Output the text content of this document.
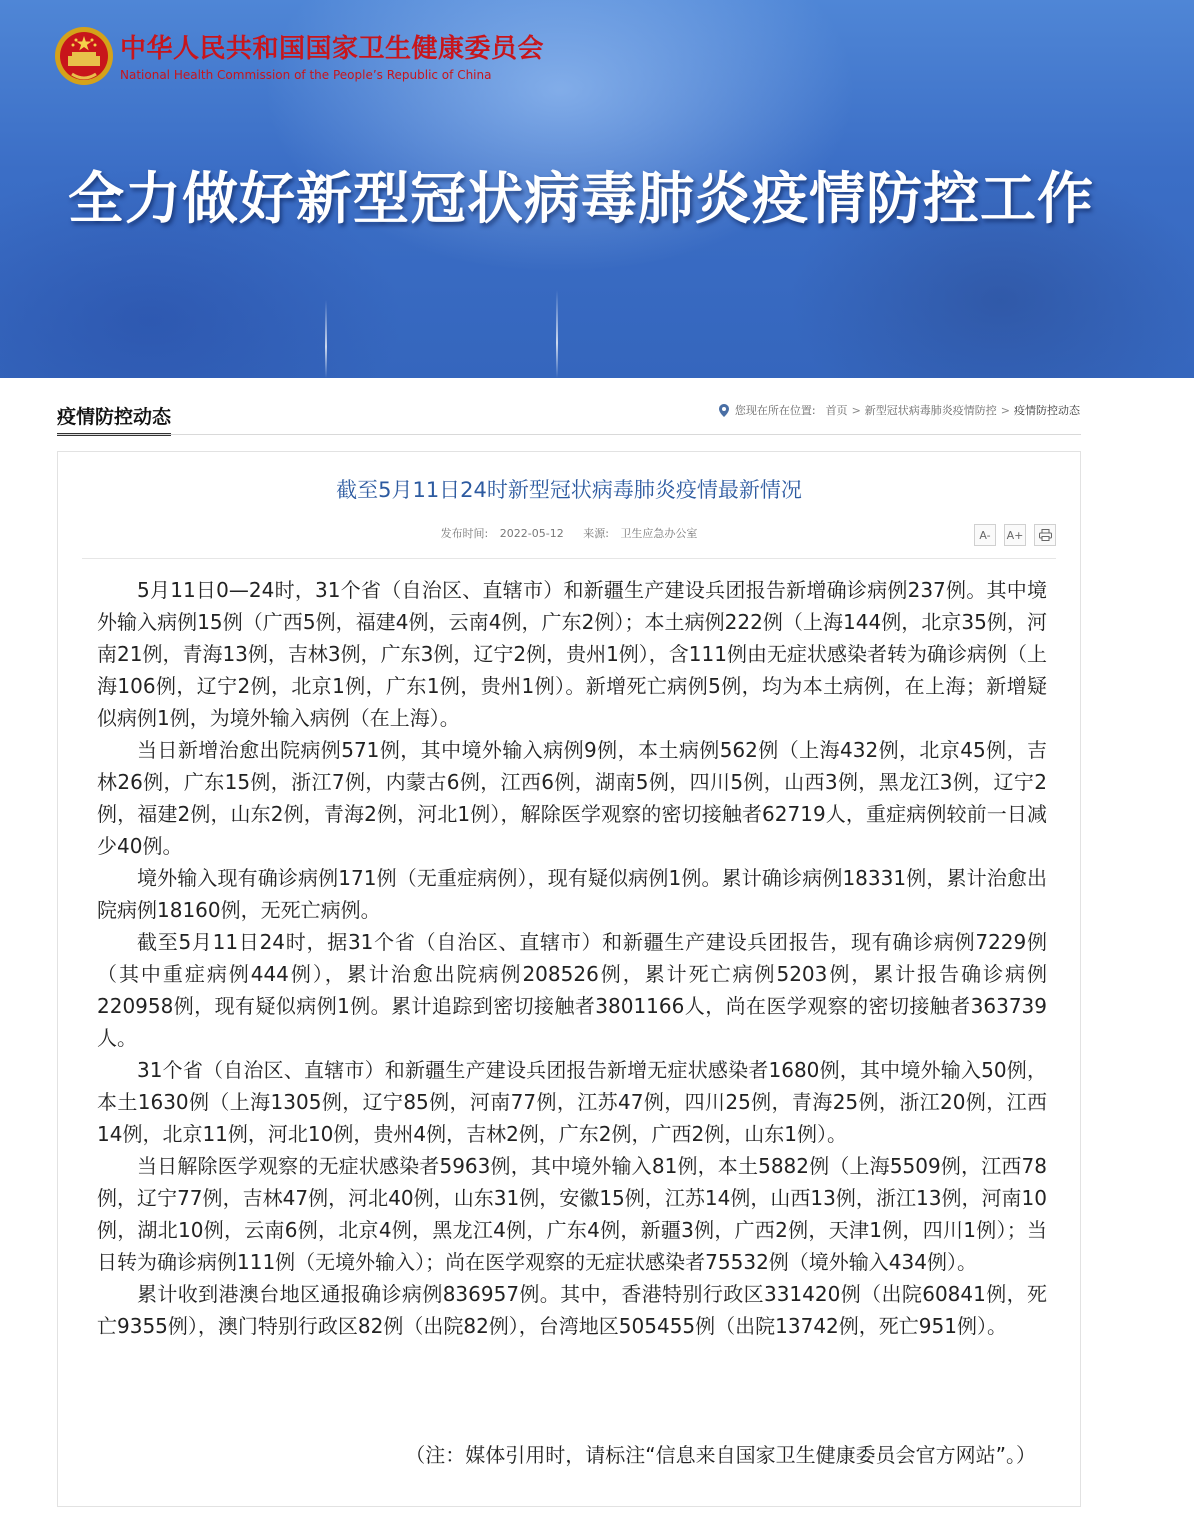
中华人民共和国国家卫生健康委员会
National Health Commission of the People’s Republic of China
全力做好新型冠状病毒肺炎疫情防控工作
疫情防控动态	您现在所在位置: 首页 > 新型冠状病毒肺炎疫情防控 > 疫情防控动态
截至5月11日24时新型冠状病毒肺炎疫情最新情况
发布时间: 2022-05-12 来源: 卫生应急办公室	A-	A+

5月11日0—24时，31个省（自治区、直辖市）和新疆生产建设兵团报告新增确诊病例237例。其中境外输入病例15例（广西5例，福建4例，云南4例，广东2例）；本土病例222例（上海144例，北京35例，河南21例，青海13例，吉林3例，广东3例，辽宁2例，贵州1例），含111例由无症状感染者转为确诊病例（上海106例，辽宁2例，北京1例，广东1例，贵州1例）。新增死亡病例5例，均为本土病例，在上海；新增疑似病例1例，为境外输入病例（在上海）。

当日新增治愈出院病例571例，其中境外输入病例9例，本土病例562例（上海432例，北京45例，吉林26例，广东15例，浙江7例，内蒙古6例，江西6例，湖南5例，四川5例，山西3例，黑龙江3例，辽宁2例，福建2例，山东2例，青海2例，河北1例），解除医学观察的密切接触者62719人，重症病例较前一日减少40例。

境外输入现有确诊病例171例（无重症病例），现有疑似病例1例。累计确诊病例18331例，累计治愈出院病例18160例，无死亡病例。

截至5月11日24时，据31个省（自治区、直辖市）和新疆生产建设兵团报告，现有确诊病例7229例（其中重症病例444例），累计治愈出院病例208526例，累计死亡病例5203例，累计报告确诊病例220958例，现有疑似病例1例。累计追踪到密切接触者3801166人，尚在医学观察的密切接触者363739人。

31个省（自治区、直辖市）和新疆生产建设兵团报告新增无症状感染者1680例，其中境外输入50例，本土1630例（上海1305例，辽宁85例，河南77例，江苏47例，四川25例，青海25例，浙江20例，江西14例，北京11例，河北10例，贵州4例，吉林2例，广东2例，广西2例，山东1例）。

当日解除医学观察的无症状感染者5963例，其中境外输入81例，本土5882例（上海5509例，江西78例，辽宁77例，吉林47例，河北40例，山东31例，安徽15例，江苏14例，山西13例，浙江13例，河南10例，湖北10例，云南6例，北京4例，黑龙江4例，广东4例，新疆3例，广西2例，天津1例，四川1例）；当日转为确诊病例111例（无境外输入）；尚在医学观察的无症状感染者75532例（境外输入434例）。

累计收到港澳台地区通报确诊病例836957例。其中，香港特别行政区331420例（出院60841例，死亡9355例），澳门特别行政区82例（出院82例），台湾地区505455例（出院13742例，死亡951例）。

（注：媒体引用时，请标注“信息来自国家卫生健康委员会官方网站”。）
